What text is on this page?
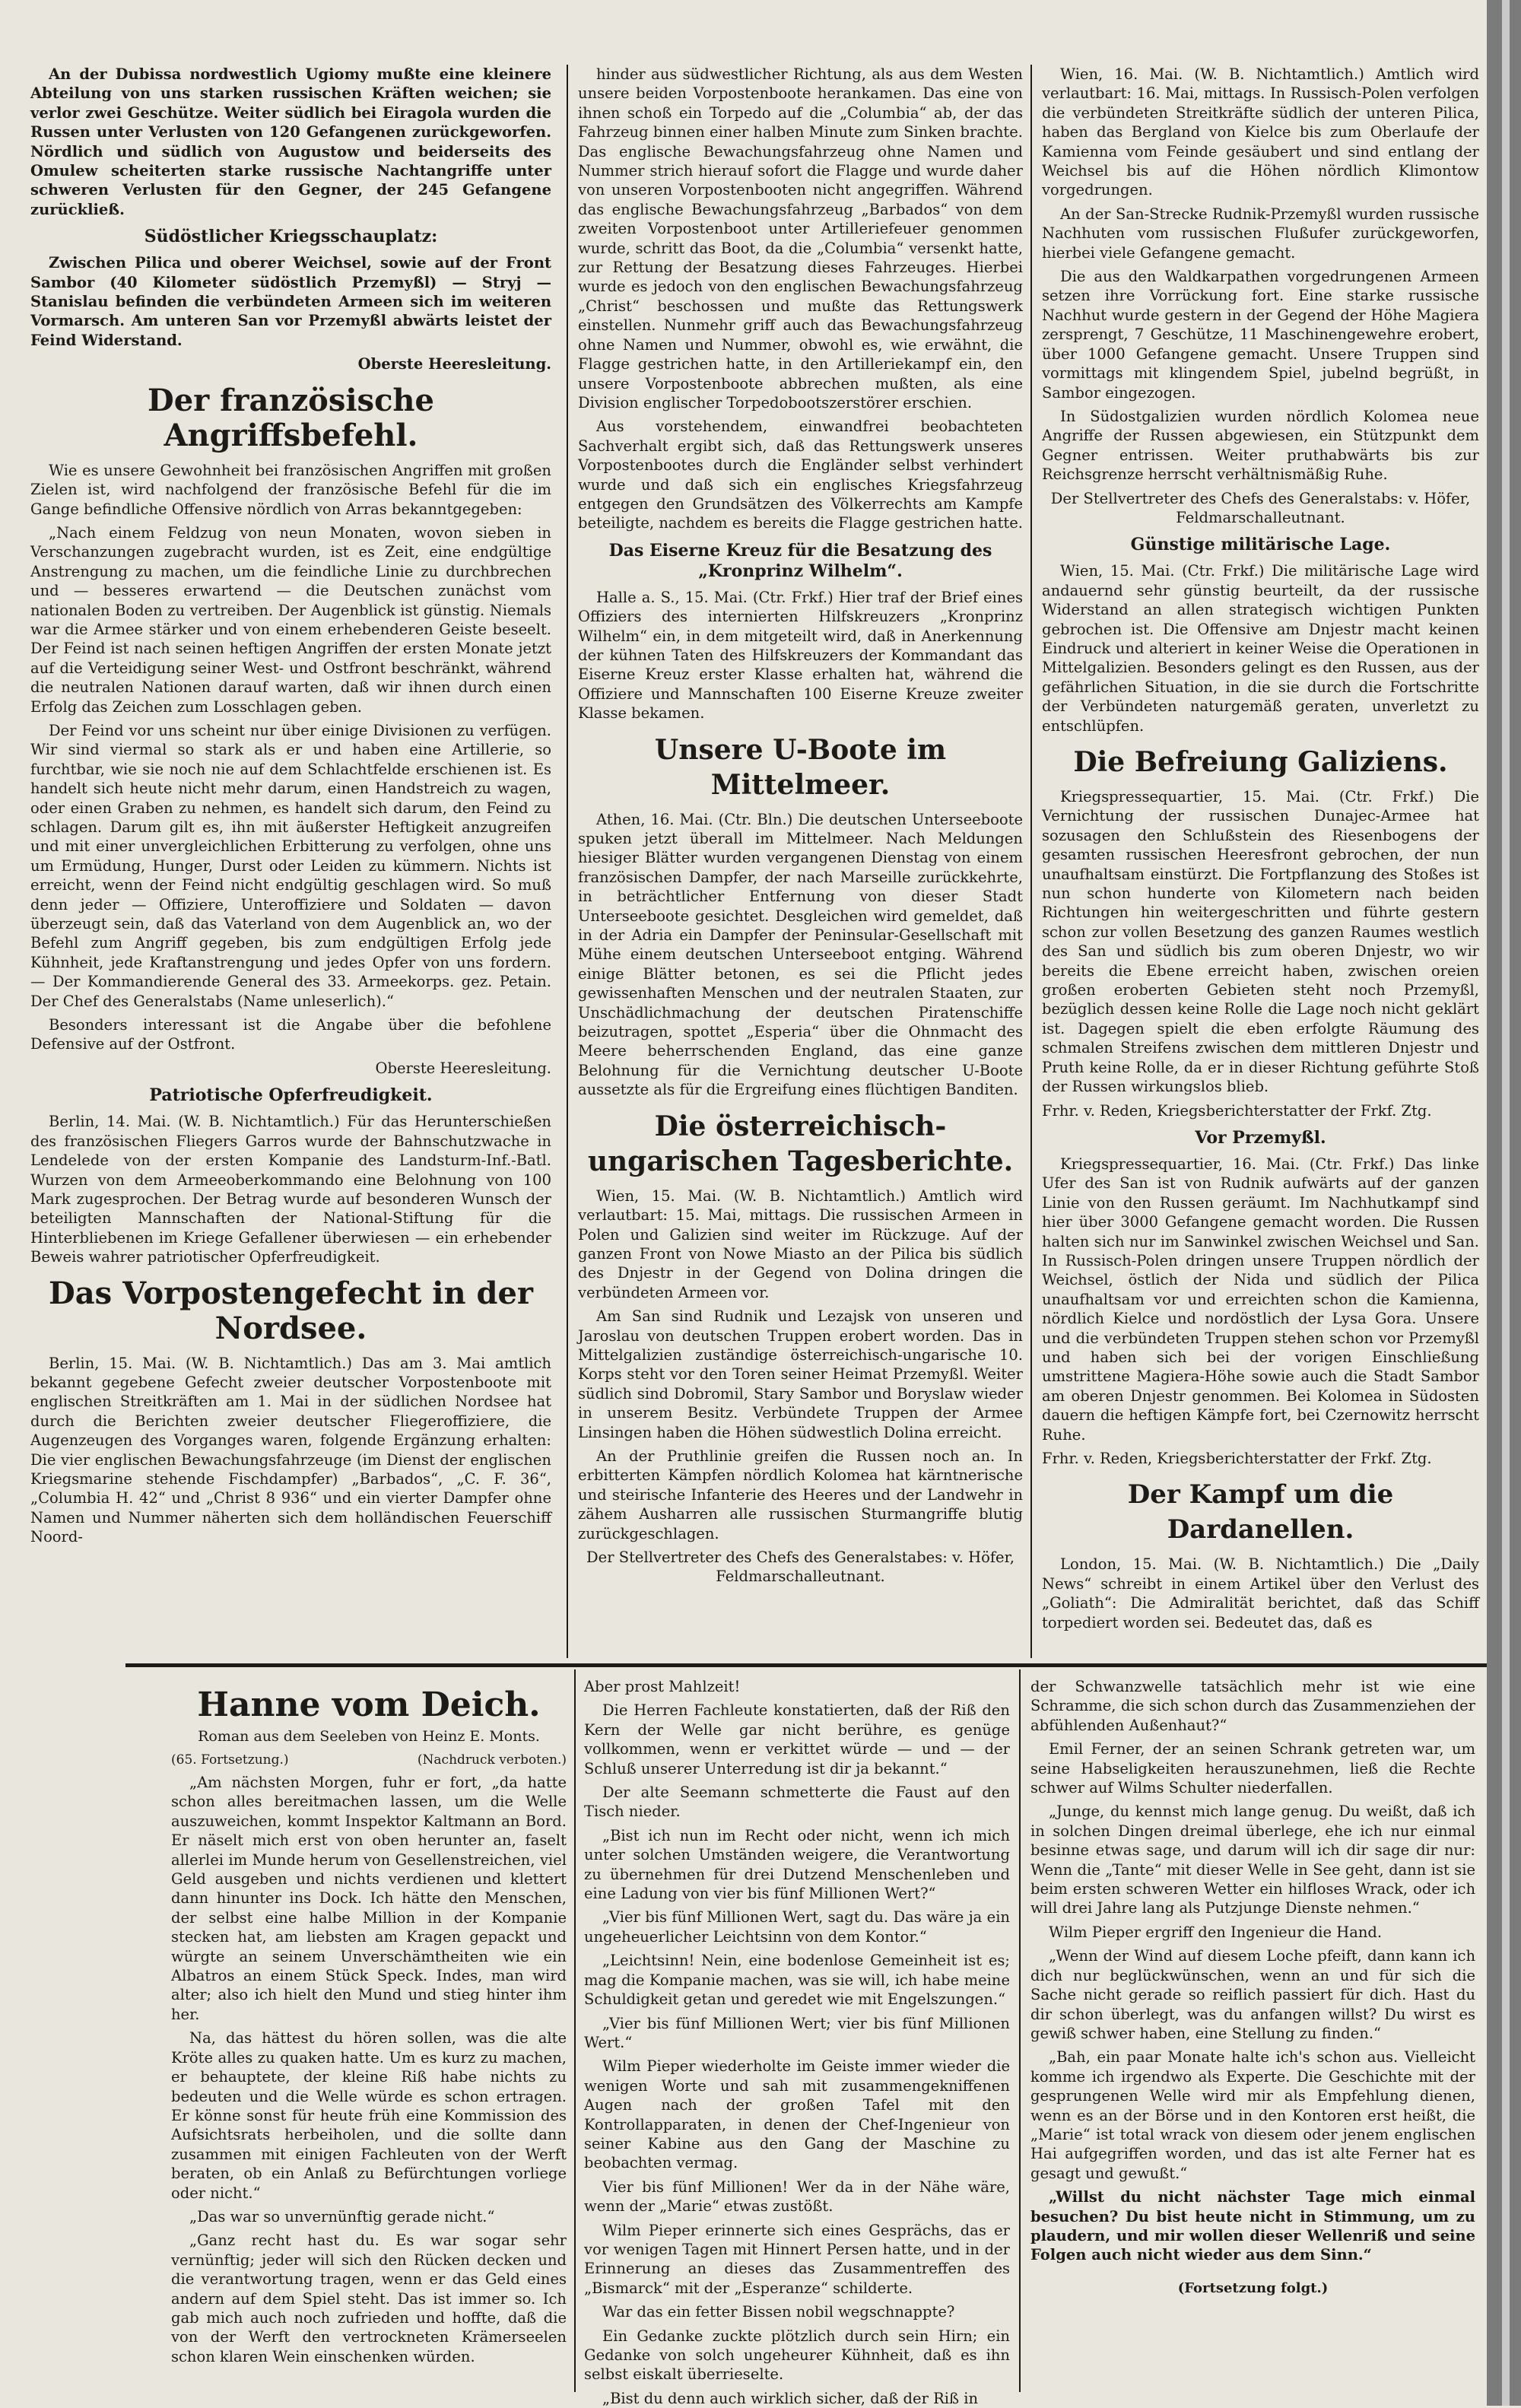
An der Dubissa nordwestlich Ugiomy mußte eine kleinere Abteilung von uns starken russischen Kräften weichen; sie verlor zwei Geschütze. Weiter südlich bei Eiragola wurden die Russen unter Verlusten von 120 Gefangenen zurückgeworfen. Nördlich und südlich von Augustow und beiderseits des Omulew scheiterten starke russische Nachtangriffe unter schweren Verlusten für den Gegner, der 245 Gefangene zurückließ.

Südöstlicher Kriegsschauplatz:

Zwischen Pilica und oberer Weichsel, sowie auf der Front Sambor (40 Kilometer südöstlich Przemyßl) — Stryj — Stanislau befinden die verbündeten Armeen sich im weiteren Vormarsch. Am unteren San vor Przemyßl abwärts leistet der Feind Widerstand.

Oberste Heeresleitung.

Der französische Angriffsbefehl.

Wie es unsere Gewohnheit bei französischen Angriffen mit großen Zielen ist, wird nachfolgend der französische Befehl für die im Gange befindliche Offensive nördlich von Arras bekanntgegeben:

„Nach einem Feldzug von neun Monaten, wovon sieben in Verschanzungen zugebracht wurden, ist es Zeit, eine endgültige Anstrengung zu machen, um die feindliche Linie zu durchbrechen und — besseres erwartend — die Deutschen zunächst vom nationalen Boden zu vertreiben. Der Augenblick ist günstig. Niemals war die Armee stärker und von einem erhebenderen Geiste beseelt. Der Feind ist nach seinen heftigen Angriffen der ersten Monate jetzt auf die Verteidigung seiner West- und Ostfront beschränkt, während die neutralen Nationen darauf warten, daß wir ihnen durch einen Erfolg das Zeichen zum Losschlagen geben.

Der Feind vor uns scheint nur über einige Divisionen zu verfügen. Wir sind viermal so stark als er und haben eine Artillerie, so furchtbar, wie sie noch nie auf dem Schlachtfelde erschienen ist. Es handelt sich heute nicht mehr darum, einen Handstreich zu wagen, oder einen Graben zu nehmen, es handelt sich darum, den Feind zu schlagen. Darum gilt es, ihn mit äußerster Heftigkeit anzugreifen und mit einer unvergleichlichen Erbitterung zu verfolgen, ohne uns um Ermüdung, Hunger, Durst oder Leiden zu kümmern. Nichts ist erreicht, wenn der Feind nicht endgültig geschlagen wird. So muß denn jeder — Offiziere, Unteroffiziere und Soldaten — davon überzeugt sein, daß das Vaterland von dem Augenblick an, wo der Befehl zum Angriff gegeben, bis zum endgültigen Erfolg jede Kühnheit, jede Kraftanstrengung und jedes Opfer von uns fordern. — Der Kommandierende General des 33. Armeekorps. gez. Petain. Der Chef des Generalstabs (Name unleserlich).“

Besonders interessant ist die Angabe über die befohlene Defensive auf der Ostfront.

Oberste Heeresleitung.

Patriotische Opferfreudigkeit.

Berlin, 14. Mai. (W. B. Nichtamtlich.) Für das Herunterschießen des französischen Fliegers Garros wurde der Bahnschutzwache in Lendelede von der ersten Kompanie des Landsturm-Inf.-Batl. Wurzen von dem Armeeoberkommando eine Belohnung von 100 Mark zugesprochen. Der Betrag wurde auf besonderen Wunsch der beteiligten Mannschaften der National-Stiftung für die Hinterbliebenen im Kriege Gefallener überwiesen — ein erhebender Beweis wahrer patriotischer Opferfreudigkeit.

Das Vorpostengefecht in der Nordsee.

Berlin, 15. Mai. (W. B. Nichtamtlich.) Das am 3. Mai amtlich bekannt gegebene Gefecht zweier deutscher Vorpostenboote mit englischen Streitkräften am 1. Mai in der südlichen Nordsee hat durch die Berichten zweier deutscher Fliegeroffiziere, die Augenzeugen des Vorganges waren, folgende Ergänzung erhalten: Die vier englischen Bewachungsfahrzeuge (im Dienst der englischen Kriegsmarine stehende Fischdampfer) „Barbados“, „C. F. 36“, „Columbia H. 42“ und „Christ 8 936“ und ein vierter Dampfer ohne Namen und Nummer näherten sich dem holländischen Feuerschiff Noord-

hinder aus südwestlicher Richtung, als aus dem Westen unsere beiden Vorpostenboote herankamen. Das eine von ihnen schoß ein Torpedo auf die „Columbia“ ab, der das Fahrzeug binnen einer halben Minute zum Sinken brachte. Das englische Bewachungsfahrzeug ohne Namen und Nummer strich hierauf sofort die Flagge und wurde daher von unseren Vorpostenbooten nicht angegriffen. Während das englische Bewachungsfahrzeug „Barbados“ von dem zweiten Vorpostenboot unter Artilleriefeuer genommen wurde, schritt das Boot, da die „Columbia“ versenkt hatte, zur Rettung der Besatzung dieses Fahrzeuges. Hierbei wurde es jedoch von den englischen Bewachungsfahrzeug „Christ“ beschossen und mußte das Rettungswerk einstellen. Nunmehr griff auch das Bewachungsfahrzeug ohne Namen und Nummer, obwohl es, wie erwähnt, die Flagge gestrichen hatte, in den Artilleriekampf ein, den unsere Vorpostenboote abbrechen mußten, als eine Division englischer Torpedobootszerstörer erschien.

Aus vorstehendem, einwandfrei beobachteten Sachverhalt ergibt sich, daß das Rettungswerk unseres Vorpostenbootes durch die Engländer selbst verhindert wurde und daß sich ein englisches Kriegsfahrzeug entgegen den Grundsätzen des Völkerrechts am Kampfe beteiligte, nachdem es bereits die Flagge gestrichen hatte.

Das Eiserne Kreuz für die Besatzung des „Kronprinz Wilhelm“.

Halle a. S., 15. Mai. (Ctr. Frkf.) Hier traf der Brief eines Offiziers des internierten Hilfskreuzers „Kronprinz Wilhelm“ ein, in dem mitgeteilt wird, daß in Anerkennung der kühnen Taten des Hilfskreuzers der Kommandant das Eiserne Kreuz erster Klasse erhalten hat, während die Offiziere und Mannschaften 100 Eiserne Kreuze zweiter Klasse bekamen.

Unsere U-Boote im Mittelmeer.

Athen, 16. Mai. (Ctr. Bln.) Die deutschen Unterseeboote spuken jetzt überall im Mittelmeer. Nach Meldungen hiesiger Blätter wurden vergangenen Dienstag von einem französischen Dampfer, der nach Marseille zurückkehrte, in beträchtlicher Entfernung von dieser Stadt Unterseeboote gesichtet. Desgleichen wird gemeldet, daß in der Adria ein Dampfer der Peninsular-Gesellschaft mit Mühe einem deutschen Unterseeboot entging. Während einige Blätter betonen, es sei die Pflicht jedes gewissenhaften Menschen und der neutralen Staaten, zur Unschädlichmachung der deutschen Piratenschiffe beizutragen, spottet „Esperia“ über die Ohnmacht des Meere beherrschenden England, das eine ganze Belohnung für die Vernichtung deutscher U-Boote aussetzte als für die Ergreifung eines flüchtigen Banditen.

Die österreichisch-ungarischen Tagesberichte.

Wien, 15. Mai. (W. B. Nichtamtlich.) Amtlich wird verlautbart: 15. Mai, mittags. Die russischen Armeen in Polen und Galizien sind weiter im Rückzuge. Auf der ganzen Front von Nowe Miasto an der Pilica bis südlich des Dnjestr in der Gegend von Dolina dringen die verbündeten Armeen vor.

Am San sind Rudnik und Lezajsk von unseren und Jaroslau von deutschen Truppen erobert worden. Das in Mittelgalizien zuständige österreichisch-ungarische 10. Korps steht vor den Toren seiner Heimat Przemyßl. Weiter südlich sind Dobromil, Stary Sambor und Boryslaw wieder in unserem Besitz. Verbündete Truppen der Armee Linsingen haben die Höhen südwestlich Dolina erreicht.

An der Pruthlinie greifen die Russen noch an. In erbitterten Kämpfen nördlich Kolomea hat kärntnerische und steirische Infanterie des Heeres und der Landwehr in zähem Ausharren alle russischen Sturmangriffe blutig zurückgeschlagen.

Der Stellvertreter des Chefs des Generalstabes: v. Höfer, Feldmarschalleutnant.

Wien, 16. Mai. (W. B. Nichtamtlich.) Amtlich wird verlautbart: 16. Mai, mittags. In Russisch-Polen verfolgen die verbündeten Streitkräfte südlich der unteren Pilica, haben das Bergland von Kielce bis zum Oberlaufe der Kamienna vom Feinde gesäubert und sind entlang der Weichsel bis auf die Höhen nördlich Klimontow vorgedrungen.

An der San-Strecke Rudnik-Przemyßl wurden russische Nachhuten vom russischen Flußufer zurückgeworfen, hierbei viele Gefangene gemacht.

Die aus den Waldkarpathen vorgedrungenen Armeen setzen ihre Vorrückung fort. Eine starke russische Nachhut wurde gestern in der Gegend der Höhe Magiera zersprengt, 7 Geschütze, 11 Maschinengewehre erobert, über 1000 Gefangene gemacht. Unsere Truppen sind vormittags mit klingendem Spiel, jubelnd begrüßt, in Sambor eingezogen.

In Südostgalizien wurden nördlich Kolomea neue Angriffe der Russen abgewiesen, ein Stützpunkt dem Gegner entrissen. Weiter pruthabwärts bis zur Reichsgrenze herrscht verhältnismäßig Ruhe.

Der Stellvertreter des Chefs des Generalstabs: v. Höfer, Feldmarschalleutnant.

Günstige militärische Lage.

Wien, 15. Mai. (Ctr. Frkf.) Die militärische Lage wird andauernd sehr günstig beurteilt, da der russische Widerstand an allen strategisch wichtigen Punkten gebrochen ist. Die Offensive am Dnjestr macht keinen Eindruck und alteriert in keiner Weise die Operationen in Mittelgalizien. Besonders gelingt es den Russen, aus der gefährlichen Situation, in die sie durch die Fortschritte der Verbündeten naturgemäß geraten, unverletzt zu entschlüpfen.

Die Befreiung Galiziens.

Kriegspressequartier, 15. Mai. (Ctr. Frkf.) Die Vernichtung der russischen Dunajec-Armee hat sozusagen den Schlußstein des Riesenbogens der gesamten russischen Heeresfront gebrochen, der nun unaufhaltsam einstürzt. Die Fortpflanzung des Stoßes ist nun schon hunderte von Kilometern nach beiden Richtungen hin weitergeschritten und führte gestern schon zur vollen Besetzung des ganzen Raumes westlich des San und südlich bis zum oberen Dnjestr, wo wir bereits die Ebene erreicht haben, zwischen oreien großen eroberten Gebieten steht noch Przemyßl, bezüglich dessen keine Rolle die Lage noch nicht geklärt ist. Dagegen spielt die eben erfolgte Räumung des schmalen Streifens zwischen dem mittleren Dnjestr und Pruth keine Rolle, da er in dieser Richtung geführte Stoß der Russen wirkungslos blieb.

Frhr. v. Reden, Kriegsberichterstatter der Frkf. Ztg.

Vor Przemyßl.

Kriegspressequartier, 16. Mai. (Ctr. Frkf.) Das linke Ufer des San ist von Rudnik aufwärts auf der ganzen Linie von den Russen geräumt. Im Nachhutkampf sind hier über 3000 Gefangene gemacht worden. Die Russen halten sich nur im Sanwinkel zwischen Weichsel und San. In Russisch-Polen dringen unsere Truppen nördlich der Weichsel, östlich der Nida und südlich der Pilica unaufhaltsam vor und erreichten schon die Kamienna, nördlich Kielce und nordöstlich der Lysa Gora. Unsere und die verbündeten Truppen stehen schon vor Przemyßl und haben sich bei der vorigen Einschließung umstrittene Magiera-Höhe sowie auch die Stadt Sambor am oberen Dnjestr genommen. Bei Kolomea in Südosten dauern die heftigen Kämpfe fort, bei Czernowitz herrscht Ruhe.

Frhr. v. Reden, Kriegsberichterstatter der Frkf. Ztg.

Der Kampf um die Dardanellen.

London, 15. Mai. (W. B. Nichtamtlich.) Die „Daily News“ schreibt in einem Artikel über den Verlust des „Goliath“: Die Admiralität berichtet, daß das Schiff torpediert worden sei. Bedeutet das, daß es

Hanne vom Deich.
Roman aus dem Seeleben von Heinz E. Monts.
(65. Fortsetzung.)	(Nachdruck verboten.)

„Am nächsten Morgen, fuhr er fort, „da hatte schon alles bereitmachen lassen, um die Welle auszuweichen, kommt Inspektor Kaltmann an Bord. Er näselt mich erst von oben herunter an, faselt allerlei im Munde herum von Gesellenstreichen, viel Geld ausgeben und nichts verdienen und klettert dann hinunter ins Dock. Ich hätte den Menschen, der selbst eine halbe Million in der Kompanie stecken hat, am liebsten am Kragen gepackt und würgte an seinem Unverschämtheiten wie ein Albatros an einem Stück Speck. Indes, man wird alter; also ich hielt den Mund und stieg hinter ihm her.

Na, das hättest du hören sollen, was die alte Kröte alles zu quaken hatte. Um es kurz zu machen, er behauptete, der kleine Riß habe nichts zu bedeuten und die Welle würde es schon ertragen. Er könne sonst für heute früh eine Kommission des Aufsichtsrats herbeiholen, und die sollte dann zusammen mit einigen Fachleuten von der Werft beraten, ob ein Anlaß zu Befürchtungen vorliege oder nicht.“

„Das war so unvernünftig gerade nicht.“

„Ganz recht hast du. Es war sogar sehr vernünftig; jeder will sich den Rücken decken und die verantwortung tragen, wenn er das Geld eines andern auf dem Spiel steht. Das ist immer so. Ich gab mich auch noch zufrieden und hoffte, daß die von der Werft den vertrockneten Krämerseelen schon klaren Wein einschenken würden.

Aber prost Mahlzeit!

Die Herren Fachleute konstatierten, daß der Riß den Kern der Welle gar nicht berühre, es genüge vollkommen, wenn er verkittet würde — und — der Schluß unserer Unterredung ist dir ja bekannt.“

Der alte Seemann schmetterte die Faust auf den Tisch nieder.

„Bist ich nun im Recht oder nicht, wenn ich mich unter solchen Umständen weigere, die Verantwortung zu übernehmen für drei Dutzend Menschenleben und eine Ladung von vier bis fünf Millionen Wert?“

„Vier bis fünf Millionen Wert, sagt du. Das wäre ja ein ungeheuerlicher Leichtsinn von dem Kontor.“

„Leichtsinn! Nein, eine bodenlose Gemeinheit ist es; mag die Kompanie machen, was sie will, ich habe meine Schuldigkeit getan und geredet wie mit Engelszungen.“

„Vier bis fünf Millionen Wert; vier bis fünf Millionen Wert.“

Wilm Pieper wiederholte im Geiste immer wieder die wenigen Worte und sah mit zusammengekniffenen Augen nach der großen Tafel mit den Kontrollapparaten, in denen der Chef-Ingenieur von seiner Kabine aus den Gang der Maschine zu beobachten vermag.

Vier bis fünf Millionen! Wer da in der Nähe wäre, wenn der „Marie“ etwas zustößt.

Wilm Pieper erinnerte sich eines Gesprächs, das er vor wenigen Tagen mit Hinnert Persen hatte, und in der Erinnerung an dieses das Zusammentreffen des „Bismarck“ mit der „Esperanze“ schilderte.

War das ein fetter Bissen nobil wegschnappte?

Ein Gedanke zuckte plötzlich durch sein Hirn; ein Gedanke von solch ungeheurer Kühnheit, daß es ihn selbst eiskalt überrieselte.

„Bist du denn auch wirklich sicher, daß der Riß in

der Schwanzwelle tatsächlich mehr ist wie eine Schramme, die sich schon durch das Zusammenziehen der abfühlenden Außenhaut?“

Emil Ferner, der an seinen Schrank getreten war, um seine Habseligkeiten herauszunehmen, ließ die Rechte schwer auf Wilms Schulter niederfallen.

„Junge, du kennst mich lange genug. Du weißt, daß ich in solchen Dingen dreimal überlege, ehe ich nur einmal besinne etwas sage, und darum will ich dir sage dir nur: Wenn die „Tante“ mit dieser Welle in See geht, dann ist sie beim ersten schweren Wetter ein hilfloses Wrack, oder ich will drei Jahre lang als Putzjunge Dienste nehmen.“

Wilm Pieper ergriff den Ingenieur die Hand.

„Wenn der Wind auf diesem Loche pfeift, dann kann ich dich nur beglückwünschen, wenn an und für sich die Sache nicht gerade so reiflich passiert für dich. Hast du dir schon überlegt, was du anfangen willst? Du wirst es gewiß schwer haben, eine Stellung zu finden.“

„Bah, ein paar Monate halte ich's schon aus. Vielleicht komme ich irgendwo als Experte. Die Geschichte mit der gesprungenen Welle wird mir als Empfehlung dienen, wenn es an der Börse und in den Kontoren erst heißt, die „Marie“ ist total wrack von diesem oder jenem englischen Hai aufgegriffen worden, und das ist alte Ferner hat es gesagt und gewußt.“

„Willst du nicht nächster Tage mich einmal besuchen? Du bist heute nicht in Stimmung, um zu plaudern, und mir wollen dieser Wellenriß und seine Folgen auch nicht wieder aus dem Sinn.“

(Fortsetzung folgt.)
